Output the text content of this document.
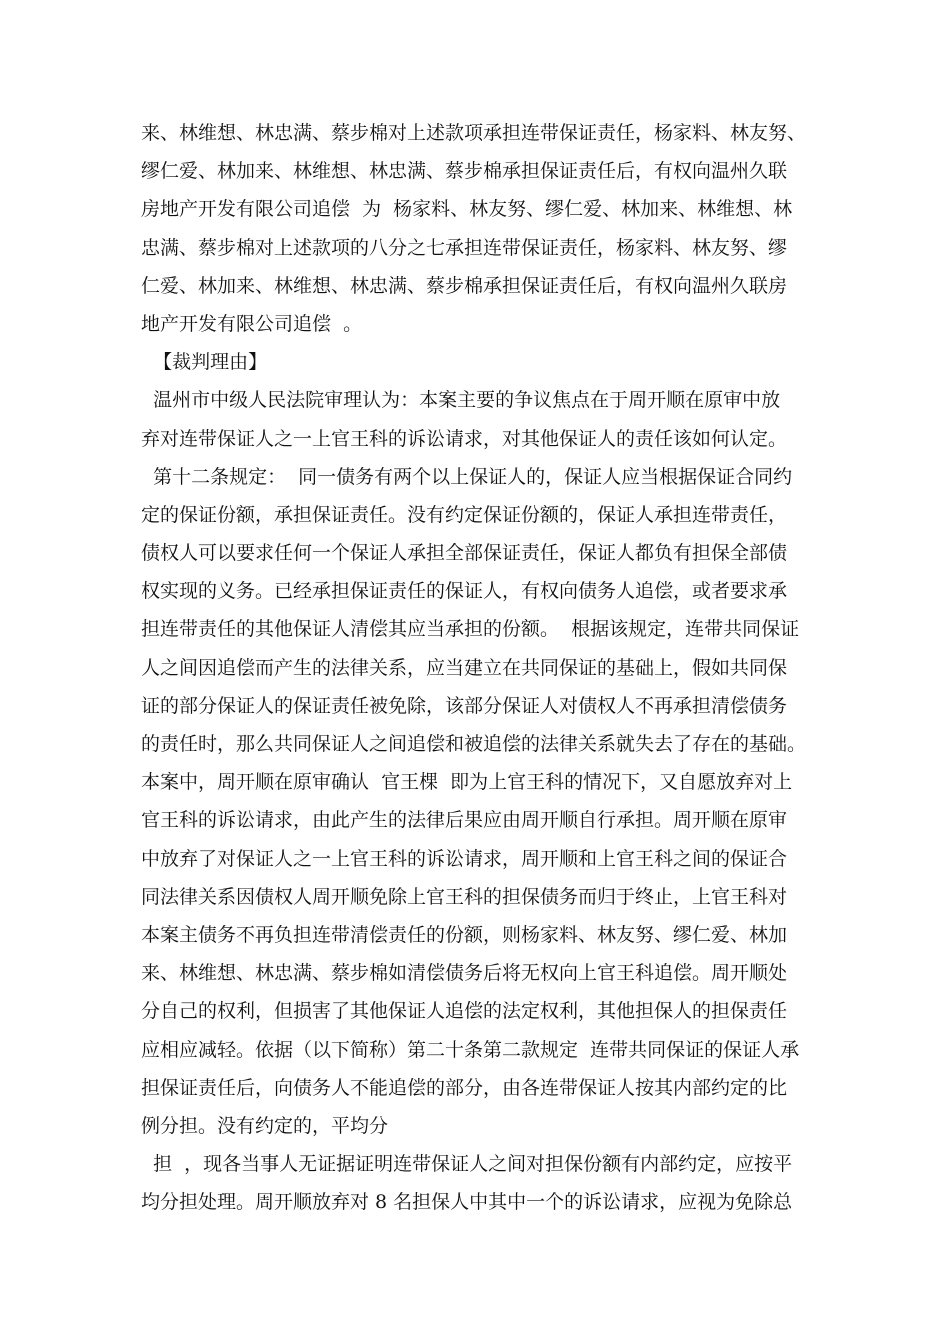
来、林维想、林忠满、蔡步棉对上述款项承担连带保证责任，杨家料、林友努、
缪仁爱、林加来、林维想、林忠满、蔡步棉承担保证责任后，有权向温州久联
房地产开发有限公司追偿  为  杨家料、林友努、缪仁爱、林加来、林维想、林
忠满、蔡步棉对上述款项的八分之七承担连带保证责任，杨家料、林友努、缪
仁爱、林加来、林维想、林忠满、蔡步棉承担保证责任后，有权向温州久联房
地产开发有限公司追偿  。
【裁判理由】
温州市中级人民法院审理认为：本案主要的争议焦点在于周开顺在原审中放
弃对连带保证人之一上官王科的诉讼请求，对其他保证人的责任该如何认定。
第十二条规定：  同一债务有两个以上保证人的，保证人应当根据保证合同约
定的保证份额，承担保证责任。没有约定保证份额的，保证人承担连带责任，
债权人可以要求任何一个保证人承担全部保证责任，保证人都负有担保全部债
权实现的义务。已经承担保证责任的保证人，有权向债务人追偿，或者要求承
担连带责任的其他保证人清偿其应当承担的份额。  根据该规定，连带共同保证
人之间因追偿而产生的法律关系，应当建立在共同保证的基础上，假如共同保
证的部分保证人的保证责任被免除，该部分保证人对债权人不再承担清偿债务
的责任时，那么共同保证人之间追偿和被追偿的法律关系就失去了存在的基础。
本案中，周开顺在原审确认  官王棵  即为上官王科的情况下，又自愿放弃对上
官王科的诉讼请求，由此产生的法律后果应由周开顺自行承担。周开顺在原审
中放弃了对保证人之一上官王科的诉讼请求，周开顺和上官王科之间的保证合
同法律关系因债权人周开顺免除上官王科的担保债务而归于终止，上官王科对
本案主债务不再负担连带清偿责任的份额，则杨家料、林友努、缪仁爱、林加
来、林维想、林忠满、蔡步棉如清偿债务后将无权向上官王科追偿。周开顺处
分自己的权利，但损害了其他保证人追偿的法定权利，其他担保人的担保责任
应相应减轻。依据（以下简称）第二十条第二款规定  连带共同保证的保证人承
担保证责任后，向债务人不能追偿的部分，由各连带保证人按其内部约定的比
例分担。没有约定的，平均分
担  ，现各当事人无证据证明连带保证人之间对担保份额有内部约定，应按平
均分担处理。周开顺放弃对 8 名担保人中其中一个的诉讼请求，应视为免除总
